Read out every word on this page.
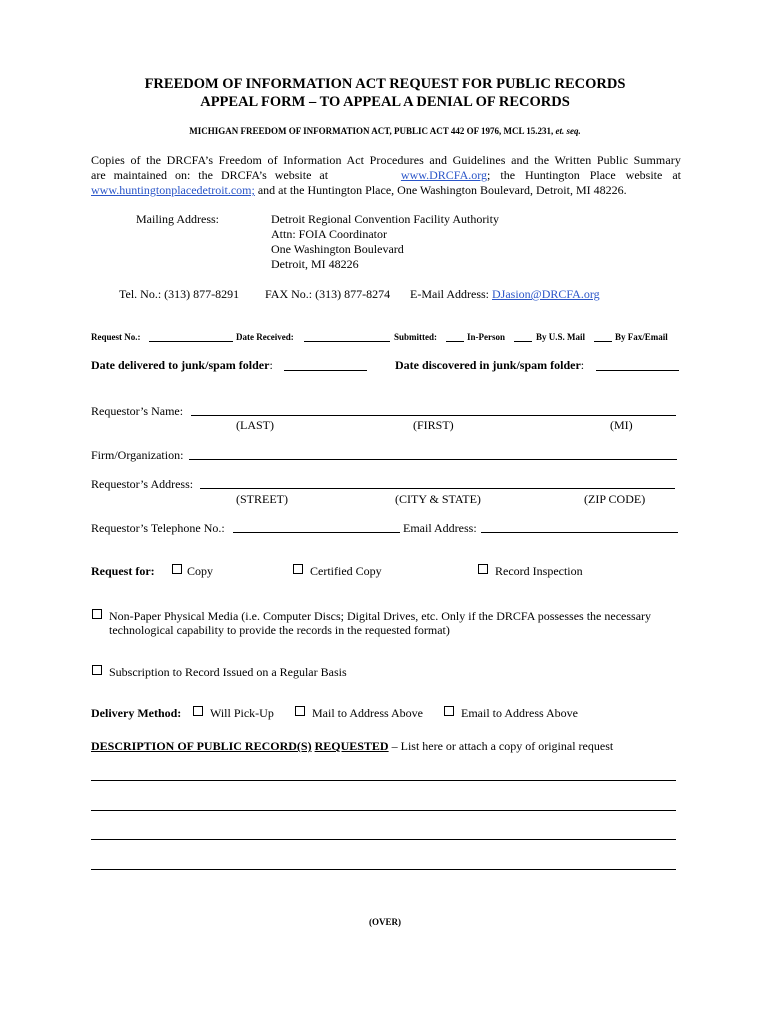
FREEDOM OF INFORMATION ACT REQUEST FOR PUBLIC RECORDS
APPEAL FORM – TO APPEAL A DENIAL OF RECORDS
MICHIGAN FREEDOM OF INFORMATION ACT, PUBLIC ACT 442 OF 1976, MCL 15.231, et. seq.
Copies of the DRCFA’s Freedom of Information Act Procedures and Guidelines and the Written Public Summary
are maintained on: the DRCFA’s website at	www.DRCFA.org; the Huntington Place website at
www.huntingtonplacedetroit.com; and at the Huntington Place, One Washington Boulevard, Detroit, MI 48226.
Mailing Address:	Detroit Regional Convention Facility Authority
Attn: FOIA Coordinator
One Washington Boulevard
Detroit, MI 48226
Tel. No.: (313) 877-8291 FAX No.: (313) 877-8274 E-Mail Address: DJasion@DRCFA.org
Request No.:	Date Received:	Submitted:	In-Person	By U.S. Mail	By Fax/Email
Date delivered to junk/spam folder:	Date discovered in junk/spam folder:
Requestor’s Name:
(LAST)	(FIRST)	(MI)
Firm/Organization:
Requestor’s Address:
(STREET)	(CITY & STATE)	(ZIP CODE)
Requestor’s Telephone No.:	Email Address:
Request for:	Copy	Certified Copy	Record Inspection
Non-Paper Physical Media (i.e. Computer Discs; Digital Drives, etc. Only if the DRCFA possesses the necessary
technological capability to provide the records in the requested format)
Subscription to Record Issued on a Regular Basis
Delivery Method: Will Pick-Up	Mail to Address Above	Email to Address Above
DESCRIPTION OF PUBLIC RECORD(S) REQUESTED – List here or attach a copy of original request
(OVER)
